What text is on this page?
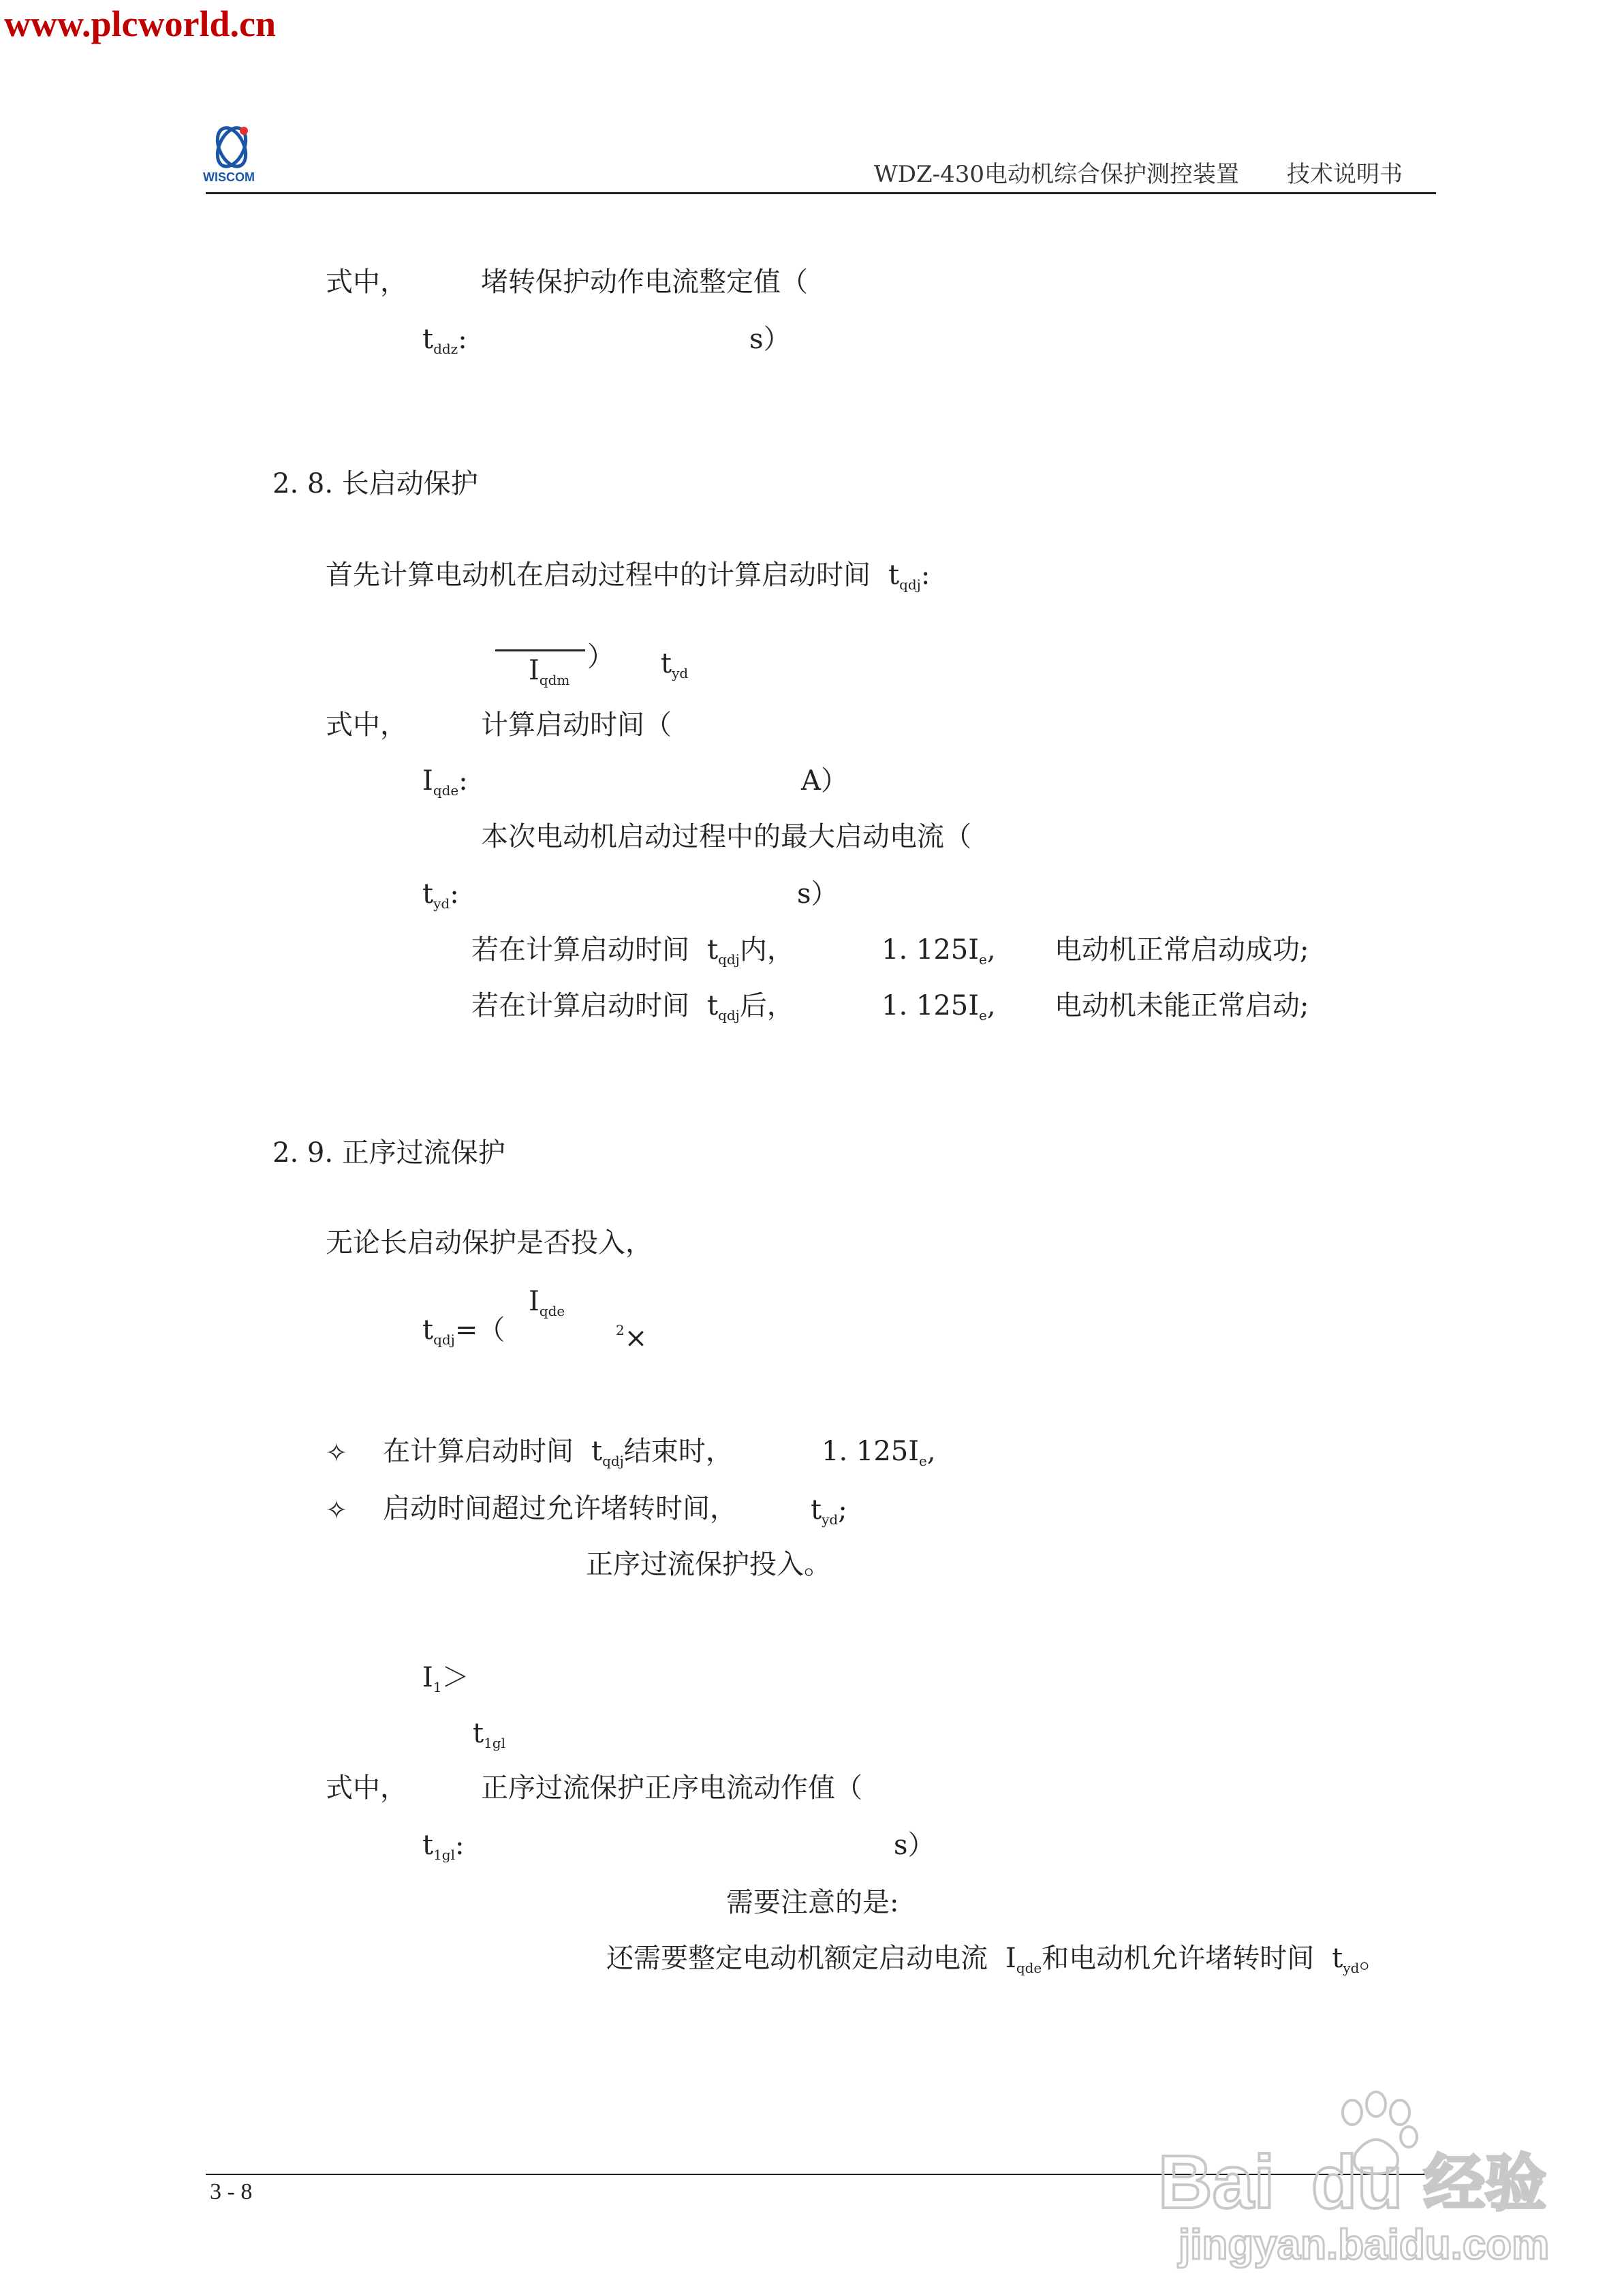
www.plcworld.cn
WISCOM	WDZ-430电动机综合保护测控装置 技术说明书
式中，	堵转保护动作电流整定值（
$t_{ddz}$:	s）
2. 8. 长启动保护
首先计算电动机在启动过程中的计算启动时间 $t_{qdj}$:
$I_{qdm}$
） $t_{yd}$
式中，	计算启动时间（
$I_{qde}$:	A）
本次电动机启动过程中的最大启动电流（
$t_{yd}$:	s）
若在计算启动时间 $t_{qdj}$内，	1. $125I_e$, 电动机正常启动成功;
若在计算启动时间 $t_{qdj}$后，	1. $125I_e$, 电动机未能正常启动;
2. 9. 正序过流保护
无论长启动保护是否投入，
$I_{qde}$
$t_{qdj}=$（	$^2$×
✧ 在计算启动时间 $t_{qdj}$结束时，	1. $125I_e$,
✧ 启动时间超过允许堵转时间，	$t_{yd}$;
正序过流保护投入。
$I_1>$
$t_{1gl}$
式中，	正序过流保护正序电流动作值（
$t_{1gl}$:	s）
需要注意的是:
还需要整定电动机额定启动电流 $I_{qde}$和电动机允许堵转时间 $t_{yd}$。
3 - 8	Bai du 经验
jingyan.baidu.com
